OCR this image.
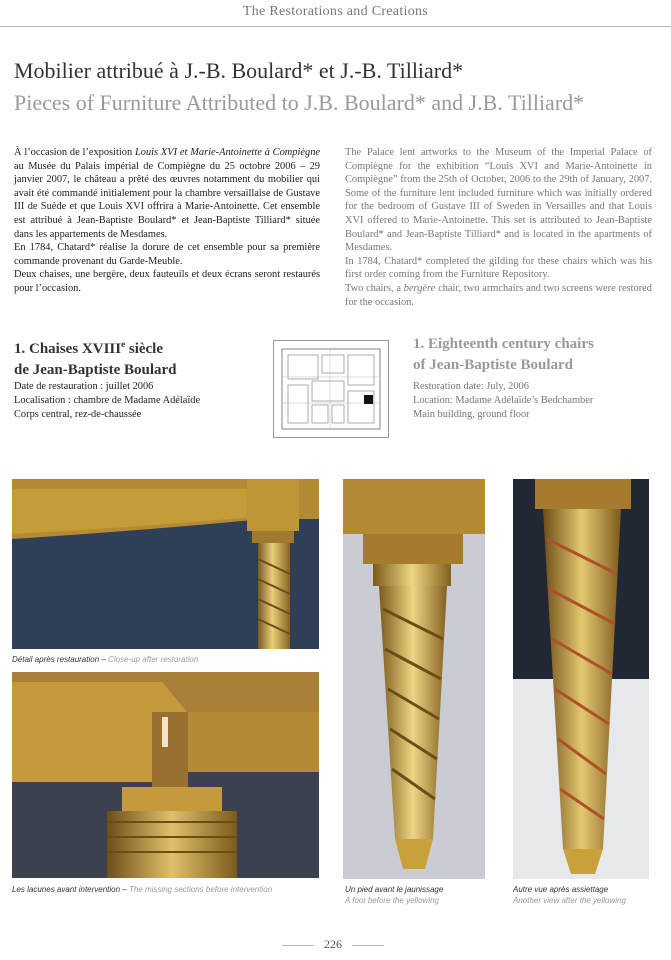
The Restorations and Creations
Mobilier attribué à J.-B. Boulard* et J.-B. Tilliard*
Pieces of Furniture Attributed to J.B. Boulard* and J.B. Tilliard*

À l’occasion de l’exposition Louis XVI et Marie-Antoinette à Compiègne au Musée du Palais impérial de Compiègne du 25 octobre 2006 – 29 janvier 2007, le château a prêté des œuvres notamment du mobilier qui avait été commandé initialement pour la chambre versaillaise de Gustave III de Suède et que Louis XVI offrira à Marie-Antoinette. Cet ensemble est attribué à Jean-Baptiste Boulard* et Jean-Baptiste Tilliard* située dans les appartements de Mesdames.

En 1784, Chatard* réalise la dorure de cet ensemble pour sa première commande provenant du Garde-Meuble.

Deux chaises, une bergère, deux fauteuils et deux écrans seront restaurés pour l’occasion.

The Palace lent artworks to the Museum of the Imperial Palace of Compiègne for the exhibition “Louis XVI and Marie-Antoinette in Compiègne” from the 25th of October, 2006 to the 29th of January, 2007. Some of the furniture lent included furniture which was initially ordered for the bedroom of Gustave III of Sweden in Versailles and that Louis XVI offered to Marie-Antoinette. This set is attributed to Jean-Baptiste Boulard* and Jean-Baptiste Tilliard* and is located in the apartments of Mesdames.

In 1784, Chatard* completed the gilding for these chairs which was his first order coming from the Furniture Repository.

Two chairs, a bergère chair, two armchairs and two screens were restored for the occasion.

1. Chaises XVIIIe siècle
de Jean-Baptiste Boulard
Date de restauration : juillet 2006
Localisation : chambre de Madame Adélaïde
Corps central, rez-de-chaussée
1. Eighteenth century chairs
of Jean-Baptiste Boulard
Restoration date: July, 2006
Location: Madame Adélaïde’s Bedchamber
Main building, ground floor
Détail après restauration – Close-up after restoration
Les lacunes avant intervention – The missing sections before intervention	Un pied avant le jaunissage
A foot before the yellowing
Autre vue après assiettage
Another view after the yellowing
226
